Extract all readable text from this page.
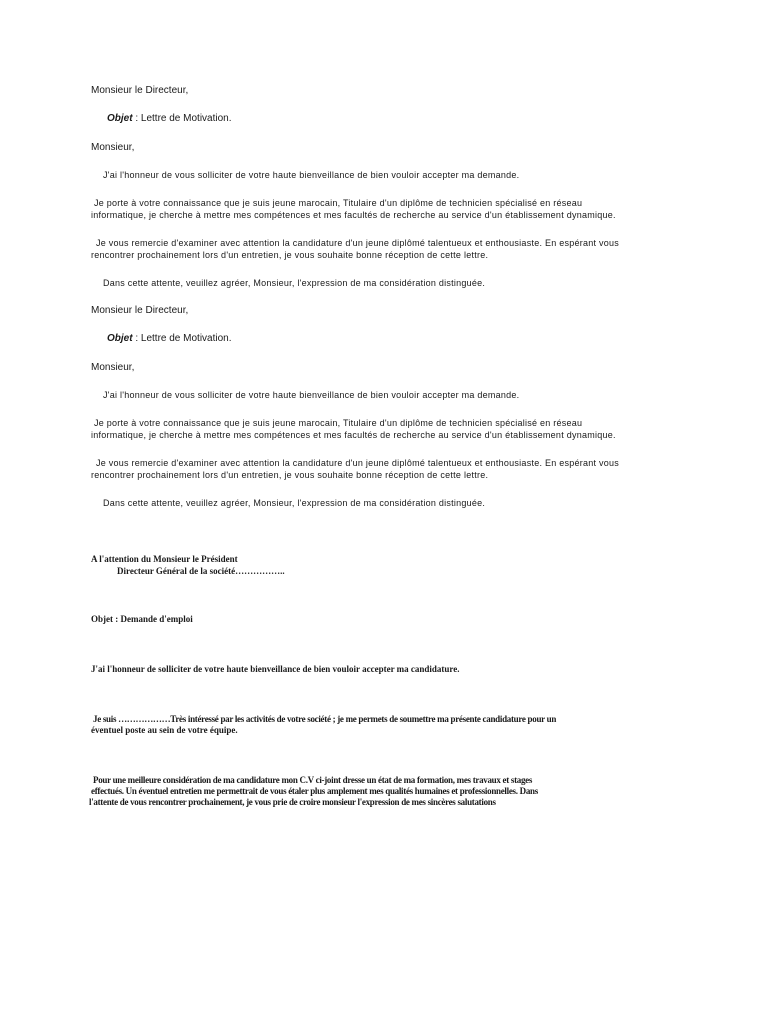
Monsieur le Directeur,

Objet : Lettre de Motivation.

Monsieur,

J'ai l'honneur de vous solliciter de votre haute bienveillance de bien vouloir accepter ma demande.

Je porte à votre connaissance que je suis jeune marocain, Titulaire d'un diplôme de technicien spécialisé en réseau

informatique, je cherche à mettre mes compétences et mes facultés de recherche au service d'un établissement dynamique.

Je vous remercie d'examiner avec attention la candidature d'un jeune diplômé talentueux et enthousiaste. En espérant vous

rencontrer prochainement lors d'un entretien, je vous souhaite bonne réception de cette lettre.

Dans cette attente, veuillez agréer, Monsieur, l'expression de ma considération distinguée.

Monsieur le Directeur,

Objet : Lettre de Motivation.

Monsieur,

J'ai l'honneur de vous solliciter de votre haute bienveillance de bien vouloir accepter ma demande.

Je porte à votre connaissance que je suis jeune marocain, Titulaire d'un diplôme de technicien spécialisé en réseau

informatique, je cherche à mettre mes compétences et mes facultés de recherche au service d'un établissement dynamique.

Je vous remercie d'examiner avec attention la candidature d'un jeune diplômé talentueux et enthousiaste. En espérant vous

rencontrer prochainement lors d'un entretien, je vous souhaite bonne réception de cette lettre.

Dans cette attente, veuillez agréer, Monsieur, l'expression de ma considération distinguée.

A l'attention du Monsieur le Président

Directeur Général de la société……………..

Objet : Demande d'emploi

J'ai l'honneur de solliciter de votre haute bienveillance de bien vouloir accepter ma candidature.

Je suis ………………Très intéressé par les activités de votre société ; je me permets de soumettre ma présente candidature pour un

éventuel poste au sein de votre équipe.

Pour une meilleure considération de ma candidature mon C.V ci-joint dresse un état de ma formation, mes travaux et stages

effectués. Un éventuel entretien me permettrait de vous étaler plus amplement mes qualités humaines et professionnelles. Dans

l'attente de vous rencontrer prochainement, je vous prie de croire monsieur l'expression de mes sincères salutations
